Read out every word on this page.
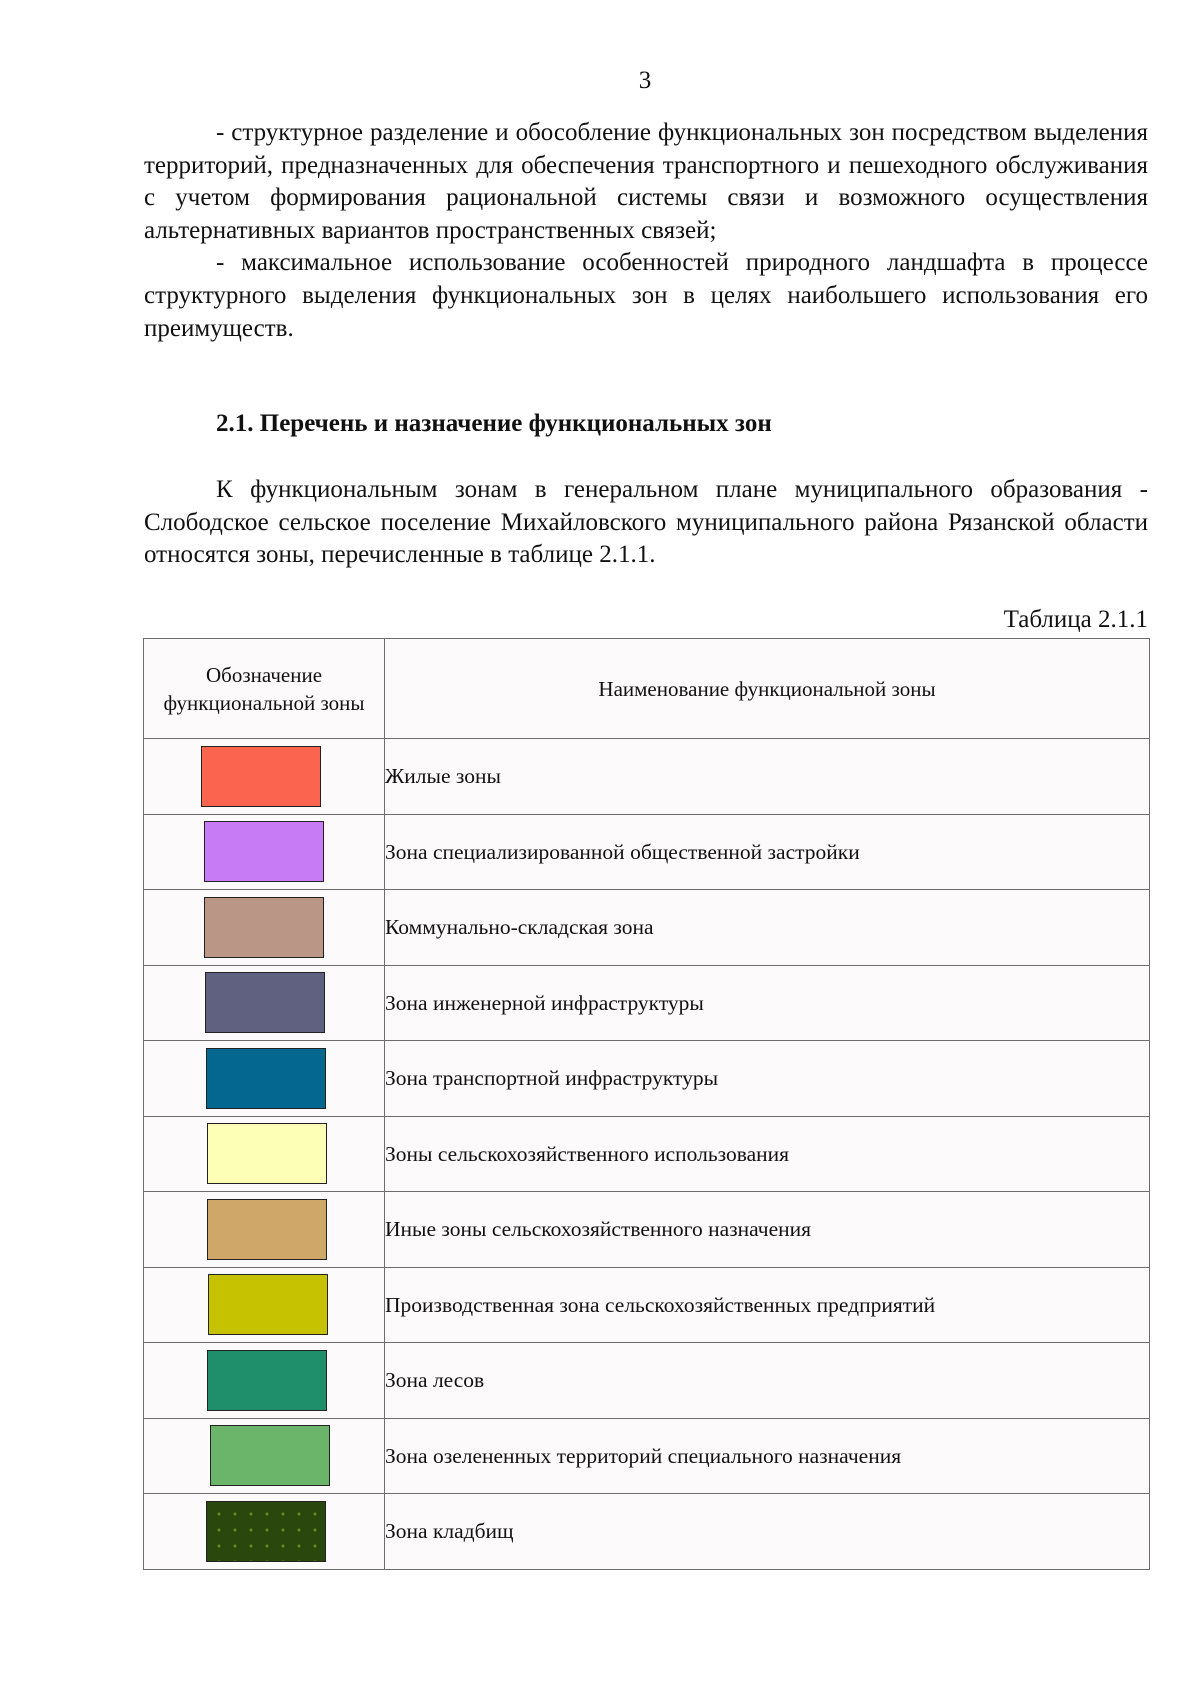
3

- структурное разделение и обособление функциональных зон посредством выделения территорий, предназначенных для обеспечения транспортного и пешеходного обслуживания с учетом формирования рациональной системы связи и возможного осуществления альтернативных вариантов пространственных связей;

- максимальное использование особенностей природного ландшафта в процессе структурного выделения функциональных зон в целях наибольшего использования его преимуществ.

2.1. Перечень и назначение функциональных зон

К функциональным зонам в генеральном плане муниципального образования - Слободское сельское поселение Михайловского муниципального района Рязанской области относятся зоны, перечисленные в таблице 2.1.1.

Таблица 2.1.1
Обозначение функциональной зоны	Наименование функциональной зоны
	Жилые зоны
	Зона специализированной общественной застройки
	Коммунально-складская зона
	Зона инженерной инфраструктуры
	Зона транспортной инфраструктуры
	Зоны сельскохозяйственного использования
	Иные зоны сельскохозяйственного назначения
	Производственная зона сельскохозяйственных предприятий
	Зона лесов
	Зона озелененных территорий специального назначения
	Зона кладбищ
